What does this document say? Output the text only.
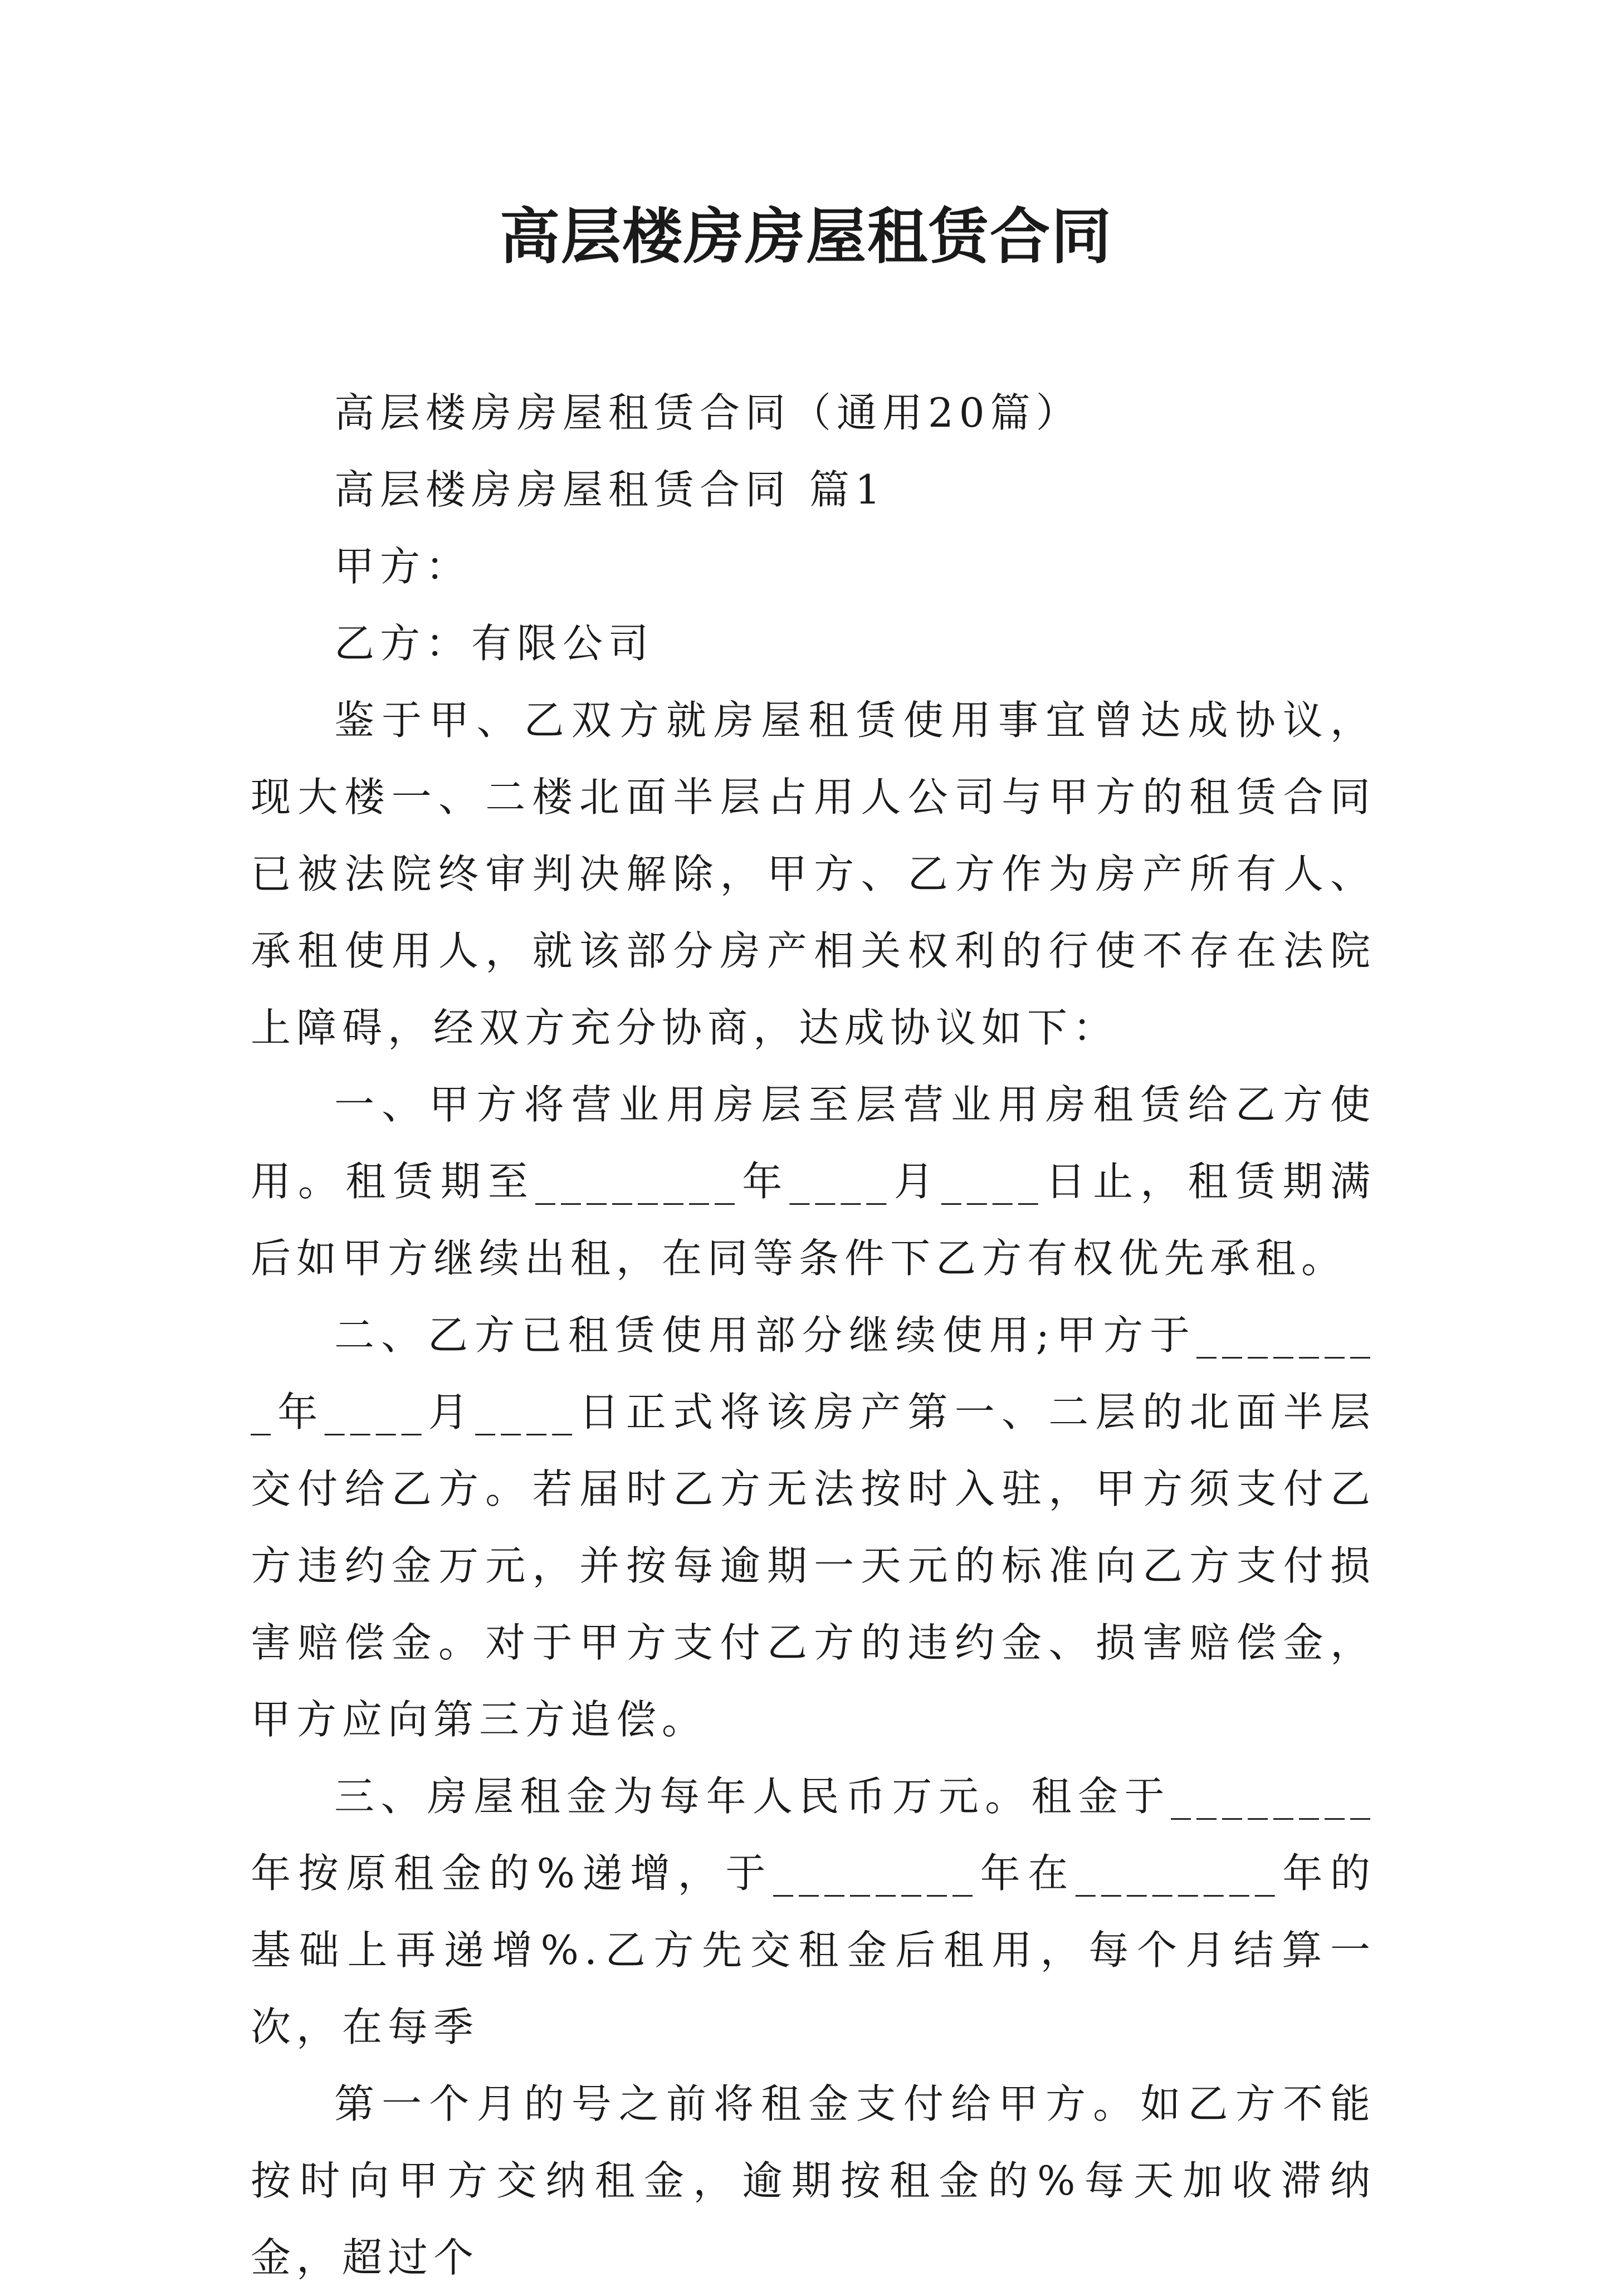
高层楼房房屋租赁合同

高层楼房房屋租赁合同（通用20篇）

高层楼房房屋租赁合同 篇1

甲方：

乙方：有限公司

鉴于甲、乙双方就房屋租赁使用事宜曾达成协议，现大楼一、二楼北面半层占用人公司与甲方的租赁合同已被法院终审判决解除，甲方、乙方作为房产所有人、承租使用人，就该部分房产相关权利的行使不存在法院上障碍，经双方充分协商，达成协议如下：

一、甲方将营业用房层至层营业用房租赁给乙方使用。租赁期至________年____月____日止，租赁期满后如甲方继续出租，在同等条件下乙方有权优先承租。

二、乙方已租赁使用部分继续使用;甲方于________年____月____日正式将该房产第一、二层的北面半层交付给乙方。若届时乙方无法按时入驻，甲方须支付乙方违约金万元，并按每逾期一天元的标准向乙方支付损害赔偿金。对于甲方支付乙方的违约金、损害赔偿金，甲方应向第三方追偿。

三、房屋租金为每年人民币万元。租金于________年按原租金的%递增，于________年在________年的基础上再递增%.乙方先交租金后租用，每个月结算一次，在每季

第一个月的号之前将租金支付给甲方。如乙方不能按时向甲方交纳租金，逾期按租金的%每天加收滞纳金，超过个
